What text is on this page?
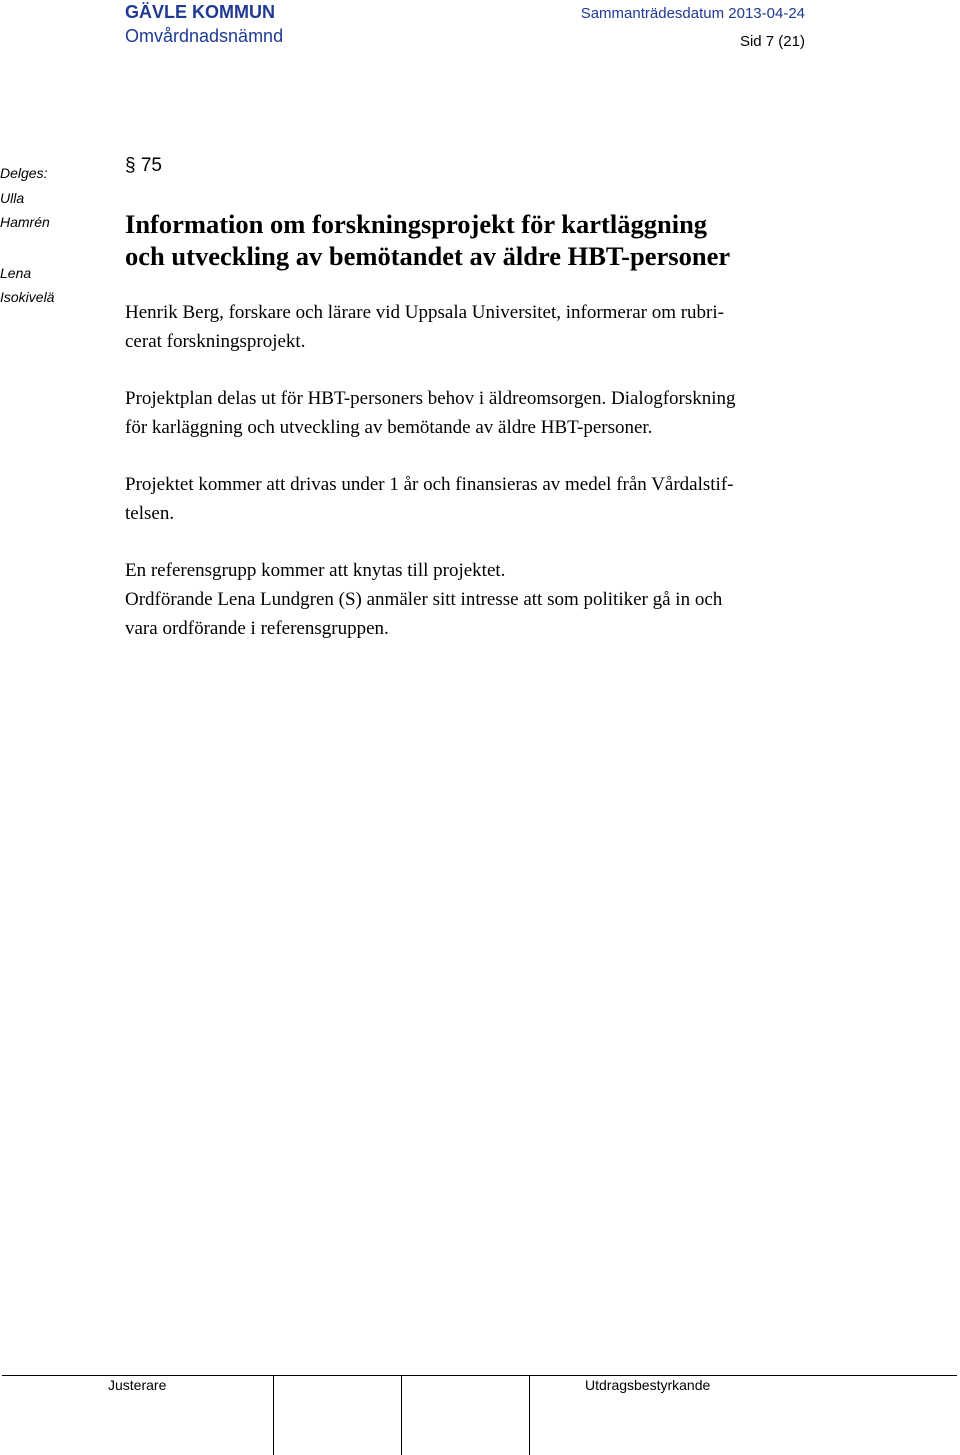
GÄVLE KOMMUN
Omvårdnadsnämnd
Sammanträdesdatum 2013-04-24
Sid 7 (21)
Delges:
Ulla
Hamrén
Lena
Isokivelä
§ 75
Information om forskningsprojekt för kartläggning
och utveckling av bemötandet av äldre HBT-personer
Henrik Berg, forskare och lärare vid Uppsala Universitet, informerar om rubri-
cerat forskningsprojekt.
Projektplan delas ut för HBT-personers behov i äldreomsorgen. Dialogforskning
för karläggning och utveckling av bemötande av äldre HBT-personer.
Projektet kommer att drivas under 1 år och finansieras av medel från Vårdalstif-
telsen.
En referensgrupp kommer att knytas till projektet.
Ordförande Lena Lundgren (S) anmäler sitt intresse att som politiker gå in och
vara ordförande i referensgruppen.
Justerare	Utdragsbestyrkande
